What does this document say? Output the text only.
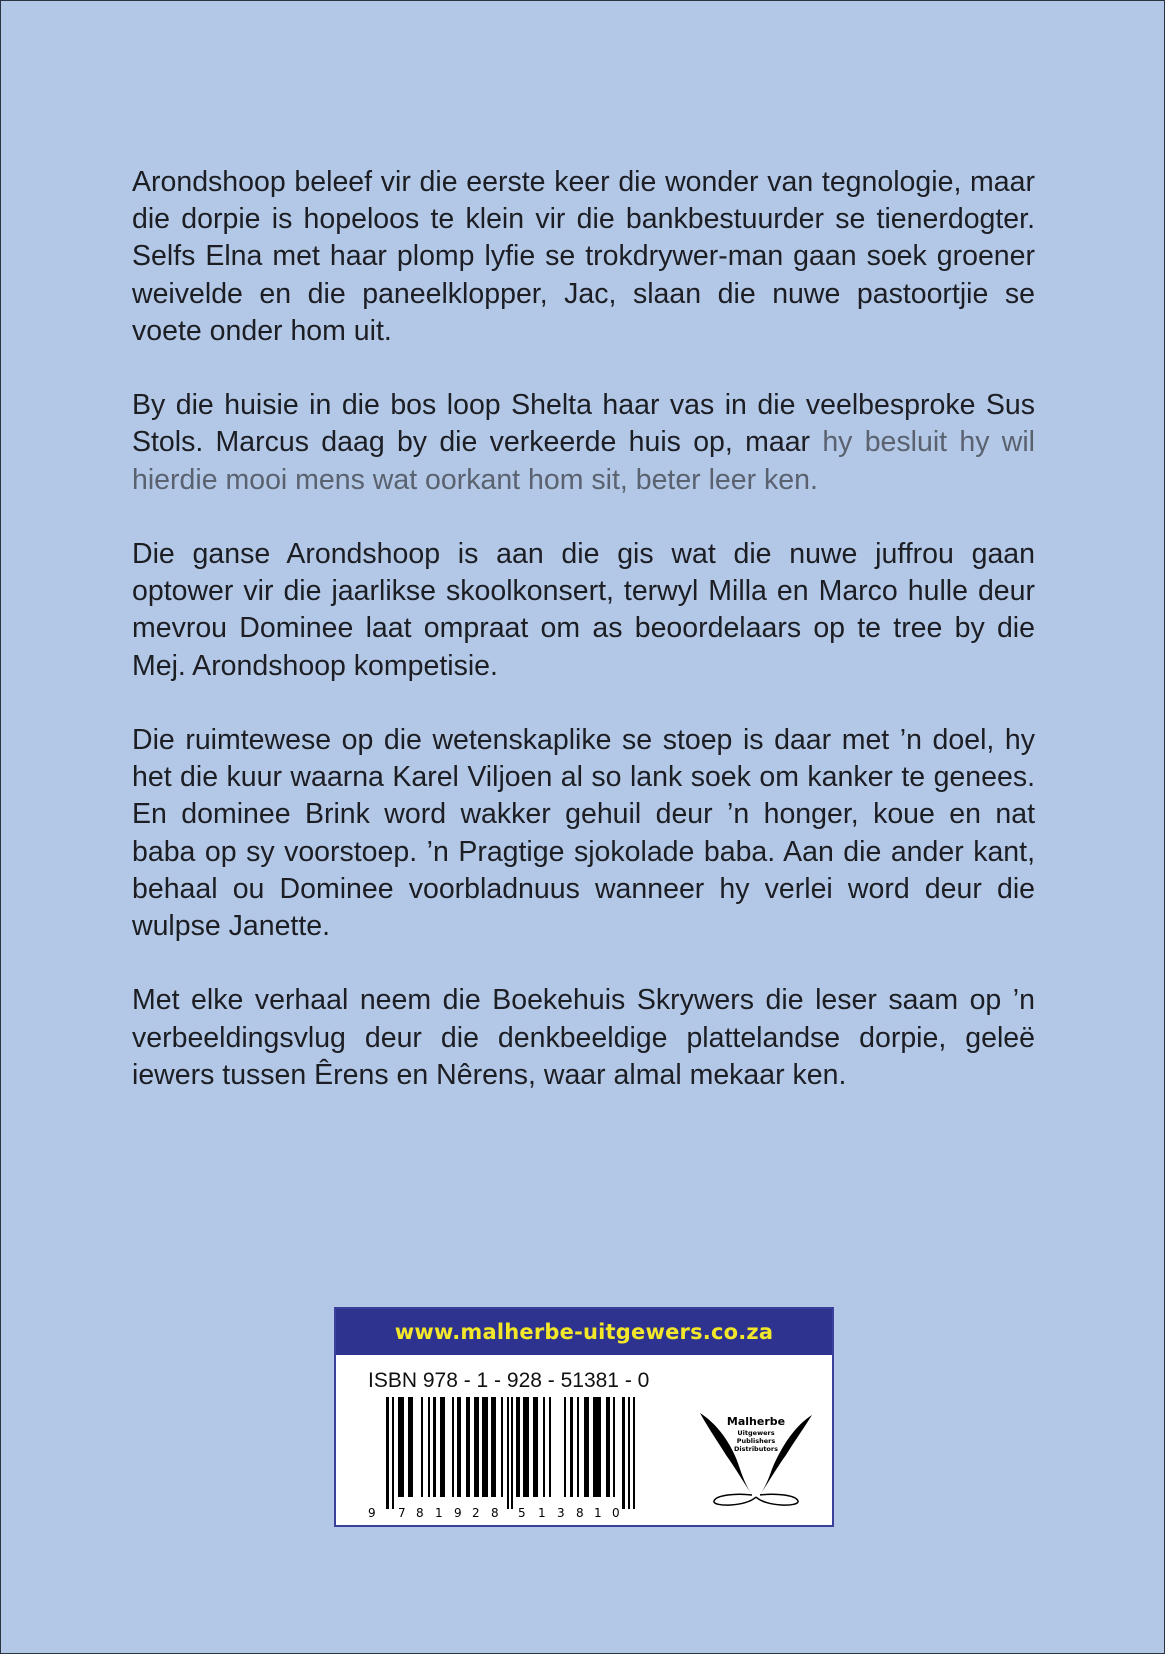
Arondshoop beleef vir die eerste keer die wonder van tegnologie, maar die dorpie is hopeloos te klein vir die bankbestuurder se tienerdogter. Selfs Elna met haar plomp lyfie se trokdrywer-man gaan soek groener weivelde en die paneelklopper, Jac, slaan die nuwe pastoortjie se voete onder hom uit.

By die huisie in die bos loop Shelta haar vas in die veelbesproke Sus Stols. Marcus daag by die verkeerde huis op, maar hy besluit hy wil hierdie mooi mens wat oorkant hom sit, beter leer ken.

Die ganse Arondshoop is aan die gis wat die nuwe juffrou gaan optower vir die jaarlikse skoolkonsert, terwyl Milla en Marco hulle deur mevrou Dominee laat ompraat om as beoordelaars op te tree by die Mej. Arondshoop kompetisie.

Die ruimtewese op die wetenskaplike se stoep is daar met ’n doel, hy het die kuur waarna Karel Viljoen al so lank soek om kanker te genees. En dominee Brink word wakker gehuil deur ’n honger, koue en nat baba op sy voorstoep. ’n Pragtige sjokolade baba. Aan die ander kant, behaal ou Dominee voorbladnuus wanneer hy verlei word deur die wulpse Janette.

Met elke verhaal neem die Boekehuis Skrywers die leser saam op ’n verbeeldingsvlug deur die denkbeeldige plattelandse dorpie, geleë iewers tussen Êrens en Nêrens, waar almal mekaar ken.

www.malherbe-uitgewers.co.za
ISBN 978 - 1 - 928 - 51381 - 0
9 7 8 1 9 2 8 5 1 3 8 1 0
Malherbe
Uitgewers
Publishers
Distributors
